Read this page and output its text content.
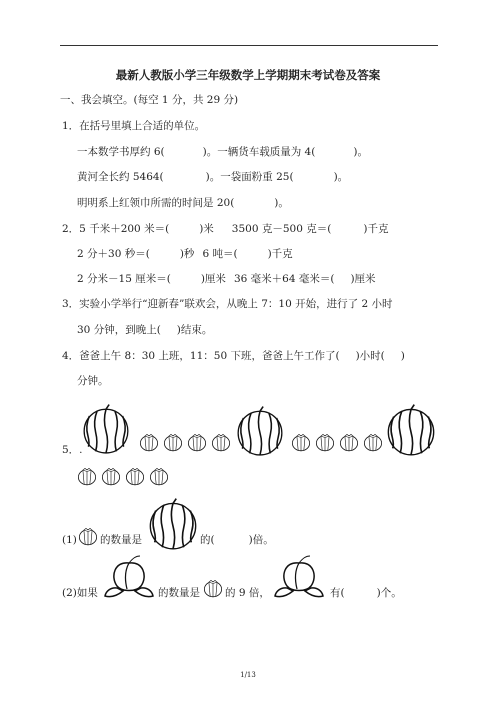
最新人教版小学三年级数学上学期期末考试卷及答案
一、我会填空。(每空 1 分，共 29 分)
1．在括号里填上合适的单位。
一本数学书厚约 6(	)。一辆货车载质量为 4(	)。
黄河全长约 5464(	)。一袋面粉重 25(	)。
明明系上红领巾所需的时间是 20(	)。
2．5 千米＋200 米＝(	)米 3500 克－500 克＝(	)千克
2 分＋30 秒＝(	)秒 6 吨＝(	)千克
2 分米－15 厘米＝(	)厘米 36 毫米＋64 毫米＝( )厘米
3．实验小学举行“迎新春”联欢会，从晚上 7：10 开始，进行了 2 小时
30 分钟，到晚上( )结束。
4．爸爸上午 8：30 上班，11：50 下班，爸爸上午工作了( )小时( )
分钟。
5．.
(1) 的数量是	的(	)倍。
(2)如果	的数量是 的 9 倍，	有(	)个。
1/13
